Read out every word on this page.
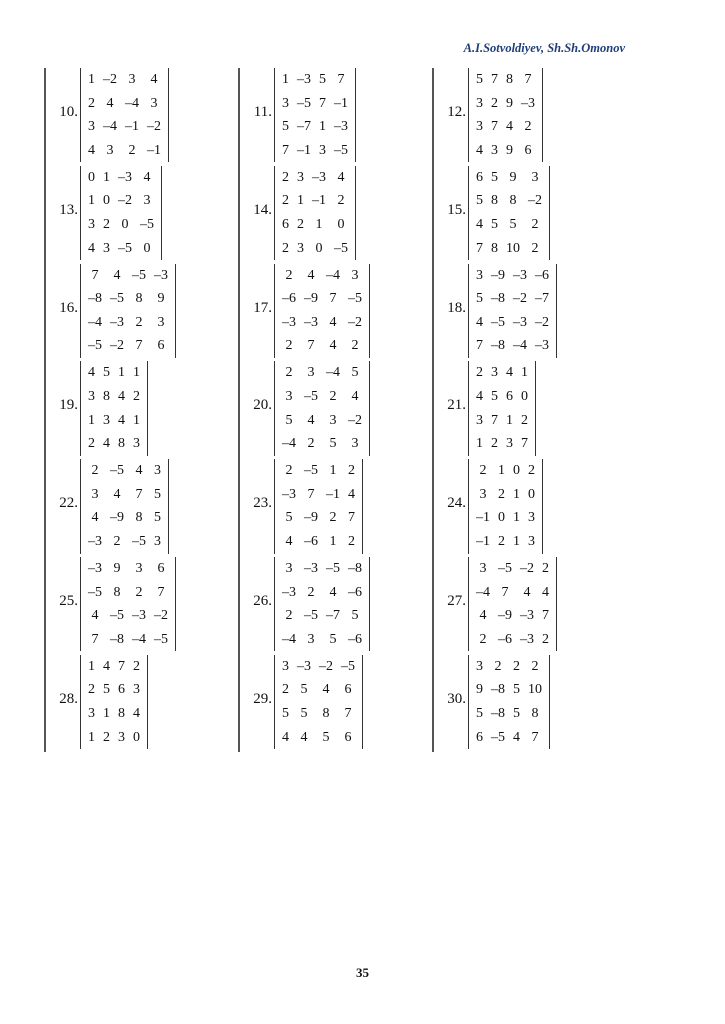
A.I.Sotvoldiyev, Sh.Sh.Omonov
10.
1	–2	3	4
2	4	–4	3
3	–4	–1	–2
4	3	2	–1
11.
1	–3	5	7
3	–5	7	–1
5	–7	1	–3
7	–1	3	–5
12.
5	7	8	7
3	2	9	–3
3	7	4	2
4	3	9	6
13.
0	1	–3	4
1	0	–2	3
3	2	0	–5
4	3	–5	0
14.
2	3	–3	4
2	1	–1	2
6	2	1	0
2	3	0	–5
15.
6	5	9	3
5	8	8	–2
4	5	5	2
7	8	10	2
16.
7	4	–5	–3
–8	–5	8	9
–4	–3	2	3
–5	–2	7	6
17.
2	4	–4	3
–6	–9	7	–5
–3	–3	4	–2
2	7	4	2
18.
3	–9	–3	–6
5	–8	–2	–7
4	–5	–3	–2
7	–8	–4	–3
19.
4	5	1	1
3	8	4	2
1	3	4	1
2	4	8	3
20.
2	3	–4	5
3	–5	2	4
5	4	3	–2
–4	2	5	3
21.
2	3	4	1
4	5	6	0
3	7	1	2
1	2	3	7
22.
2	–5	4	3
3	4	7	5
4	–9	8	5
–3	2	–5	3
23.
2	–5	1	2
–3	7	–1	4
5	–9	2	7
4	–6	1	2
24.
2	1	0	2
3	2	1	0
–1	0	1	3
–1	2	1	3
25.
–3	9	3	6
–5	8	2	7
4	–5	–3	–2
7	–8	–4	–5
26.
3	–3	–5	–8
–3	2	4	–6
2	–5	–7	5
–4	3	5	–6
27.
3	–5	–2	2
–4	7	4	4
4	–9	–3	7
2	–6	–3	2
28.
1	4	7	2
2	5	6	3
3	1	8	4
1	2	3	0
29.
3	–3	–2	–5
2	5	4	6
5	5	8	7
4	4	5	6
30.
3	2	2	2
9	–8	5	10
5	–8	5	8
6	–5	4	7
35
